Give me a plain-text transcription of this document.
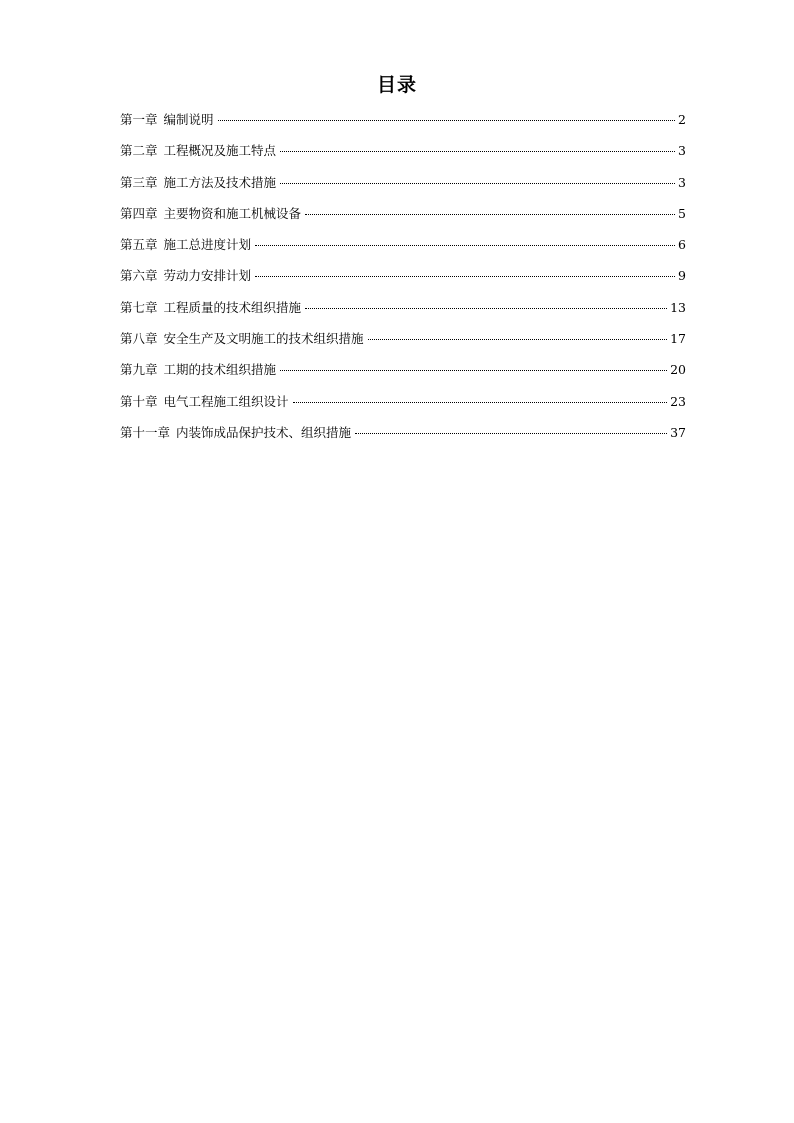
目录
第一章 编制说明	2
第二章 工程概况及施工特点	3
第三章 施工方法及技术措施	3
第四章 主要物资和施工机械设备	5
第五章 施工总进度计划	6
第六章 劳动力安排计划	9
第七章 工程质量的技术组织措施	13
第八章 安全生产及文明施工的技术组织措施	17
第九章 工期的技术组织措施	20
第十章 电气工程施工组织设计	23
第十一章 内装饰成品保护技术、组织措施	37
